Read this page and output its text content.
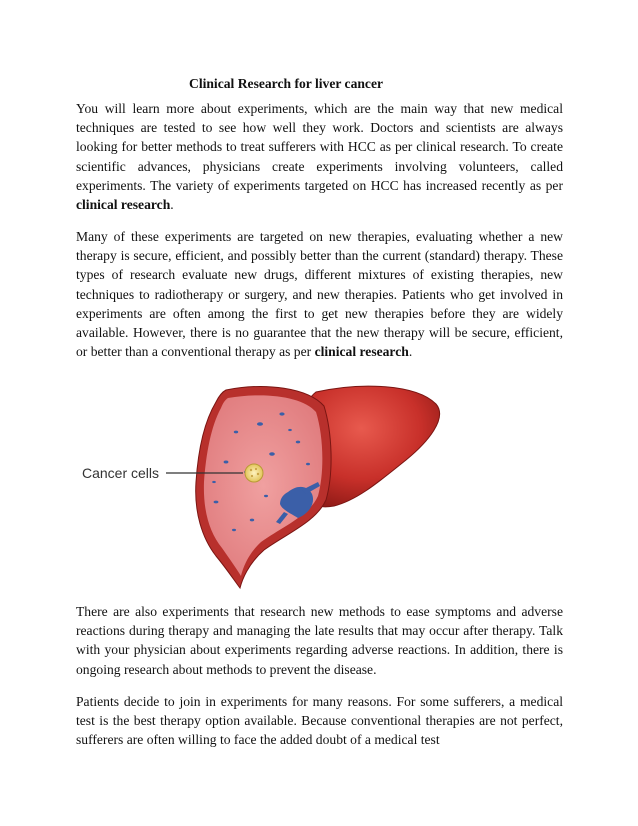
Clinical Research for liver cancer

You will learn more about experiments, which are the main way that new medical techniques are tested to see how well they work. Doctors and scientists are always looking for better methods to treat sufferers with HCC as per clinical research. To create scientific advances, physicians create experiments involving volunteers, called experiments. The variety of experiments targeted on HCC has increased recently as per clinical research.

Many of these experiments are targeted on new therapies, evaluating whether a new therapy is secure, efficient, and possibly better than the current (standard) therapy. These types of research evaluate new drugs, different mixtures of existing therapies, new techniques to radiotherapy or surgery, and new therapies. Patients who get involved in experiments are often among the first to get new therapies before they are widely available. However, there is no guarantee that the new therapy will be secure, efficient, or better than a conventional therapy as per clinical research.

Cancer cells

There are also experiments that research new methods to ease symptoms and adverse reactions during therapy and managing the late results that may occur after therapy. Talk with your physician about experiments regarding adverse reactions. In addition, there is ongoing research about methods to prevent the disease.

Patients decide to join in experiments for many reasons. For some sufferers, a medical test is the best therapy option available. Because conventional therapies are not perfect, sufferers are often willing to face the added doubt of a medical test
